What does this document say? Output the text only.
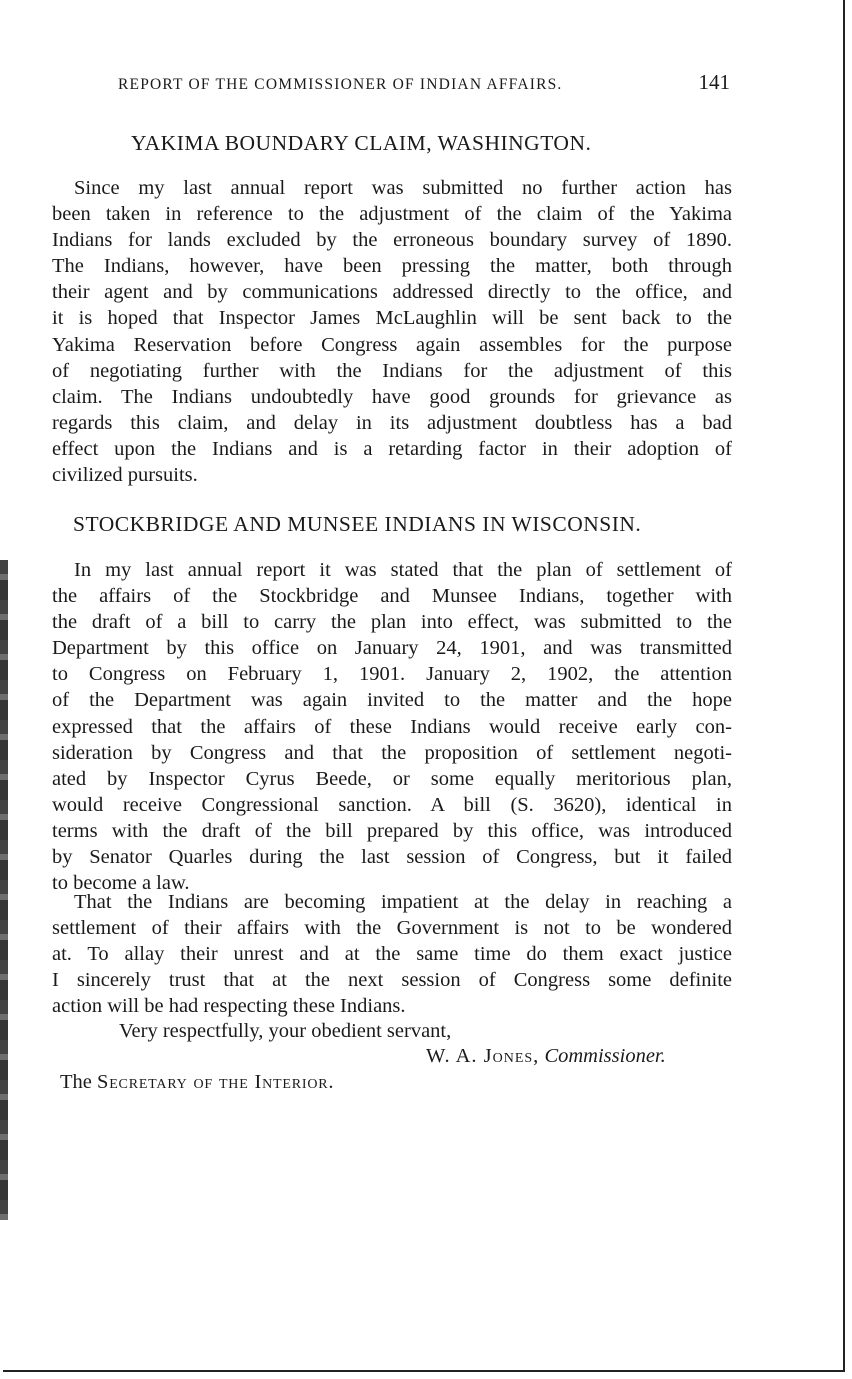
REPORT OF THE COMMISSIONER OF INDIAN AFFAIRS.	141
YAKIMA BOUNDARY CLAIM, WASHINGTON.
Since my last annual report was submitted no further action has
been taken in reference to the adjustment of the claim of the Yakima
Indians for lands excluded by the erroneous boundary survey of 1890.
The Indians, however, have been pressing the matter, both through
their agent and by communications addressed directly to the office, and
it is hoped that Inspector James McLaughlin will be sent back to the
Yakima Reservation before Congress again assembles for the purpose
of negotiating further with the Indians for the adjustment of this
claim. The Indians undoubtedly have good grounds for grievance as
regards this claim, and delay in its adjustment doubtless has a bad
effect upon the Indians and is a retarding factor in their adoption of
civilized pursuits.
STOCKBRIDGE AND MUNSEE INDIANS IN WISCONSIN.
In my last annual report it was stated that the plan of settlement of
the affairs of the Stockbridge and Munsee Indians, together with
the draft of a bill to carry the plan into effect, was submitted to the
Department by this office on January 24, 1901, and was transmitted
to Congress on February 1, 1901. January 2, 1902, the attention
of the Department was again invited to the matter and the hope
expressed that the affairs of these Indians would receive early con-
sideration by Congress and that the proposition of settlement negoti-
ated by Inspector Cyrus Beede, or some equally meritorious plan,
would receive Congressional sanction. A bill (S. 3620), identical in
terms with the draft of the bill prepared by this office, was introduced
by Senator Quarles during the last session of Congress, but it failed
to become a law.
That the Indians are becoming impatient at the delay in reaching a
settlement of their affairs with the Government is not to be wondered
at. To allay their unrest and at the same time do them exact justice
I sincerely trust that at the next session of Congress some definite
action will be had respecting these Indians.
Very respectfully, your obedient servant,
W. A. Jones, Commissioner.
The Secretary of the Interior.
